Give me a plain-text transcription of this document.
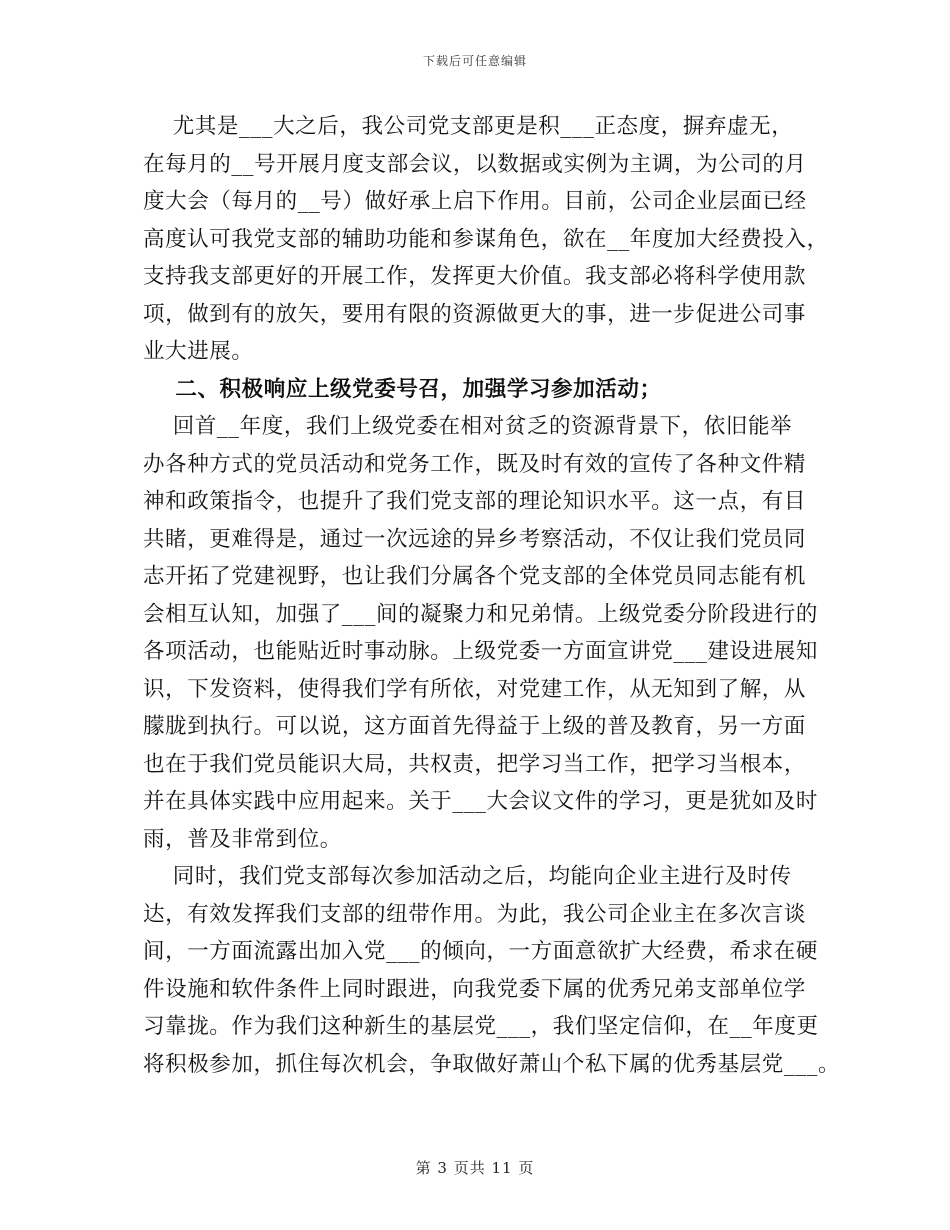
下载后可任意编辑

尤其是___大之后，我公司党支部更是积___正态度，摒弃虚无，

在每月的__号开展月度支部会议，以数据或实例为主调，为公司的月

度大会（每月的__号）做好承上启下作用。目前，公司企业层面已经

高度认可我党支部的辅助功能和参谋角色，欲在__年度加大经费投入，

支持我支部更好的开展工作，发挥更大价值。我支部必将科学使用款

项，做到有的放矢，要用有限的资源做更大的事，进一步促进公司事

业大进展。

二、积极响应上级党委号召，加强学习参加活动；

回首__年度，我们上级党委在相对贫乏的资源背景下，依旧能举

办各种方式的党员活动和党务工作，既及时有效的宣传了各种文件精

神和政策指令，也提升了我们党支部的理论知识水平。这一点，有目

共睹，更难得是，通过一次远途的异乡考察活动，不仅让我们党员同

志开拓了党建视野，也让我们分属各个党支部的全体党员同志能有机

会相互认知，加强了___间的凝聚力和兄弟情。上级党委分阶段进行的

各项活动，也能贴近时事动脉。上级党委一方面宣讲党___建设进展知

识，下发资料，使得我们学有所依，对党建工作，从无知到了解，从

朦胧到执行。可以说，这方面首先得益于上级的普及教育，另一方面

也在于我们党员能识大局，共权责，把学习当工作，把学习当根本，

并在具体实践中应用起来。关于___大会议文件的学习，更是犹如及时

雨，普及非常到位。

同时，我们党支部每次参加活动之后，均能向企业主进行及时传

达，有效发挥我们支部的纽带作用。为此，我公司企业主在多次言谈

间，一方面流露出加入党___的倾向，一方面意欲扩大经费，希求在硬

件设施和软件条件上同时跟进，向我党委下属的优秀兄弟支部单位学

习靠拢。作为我们这种新生的基层党___，我们坚定信仰，在__年度更

将积极参加，抓住每次机会，争取做好萧山个私下属的优秀基层党___。

第 3 页共 11 页
